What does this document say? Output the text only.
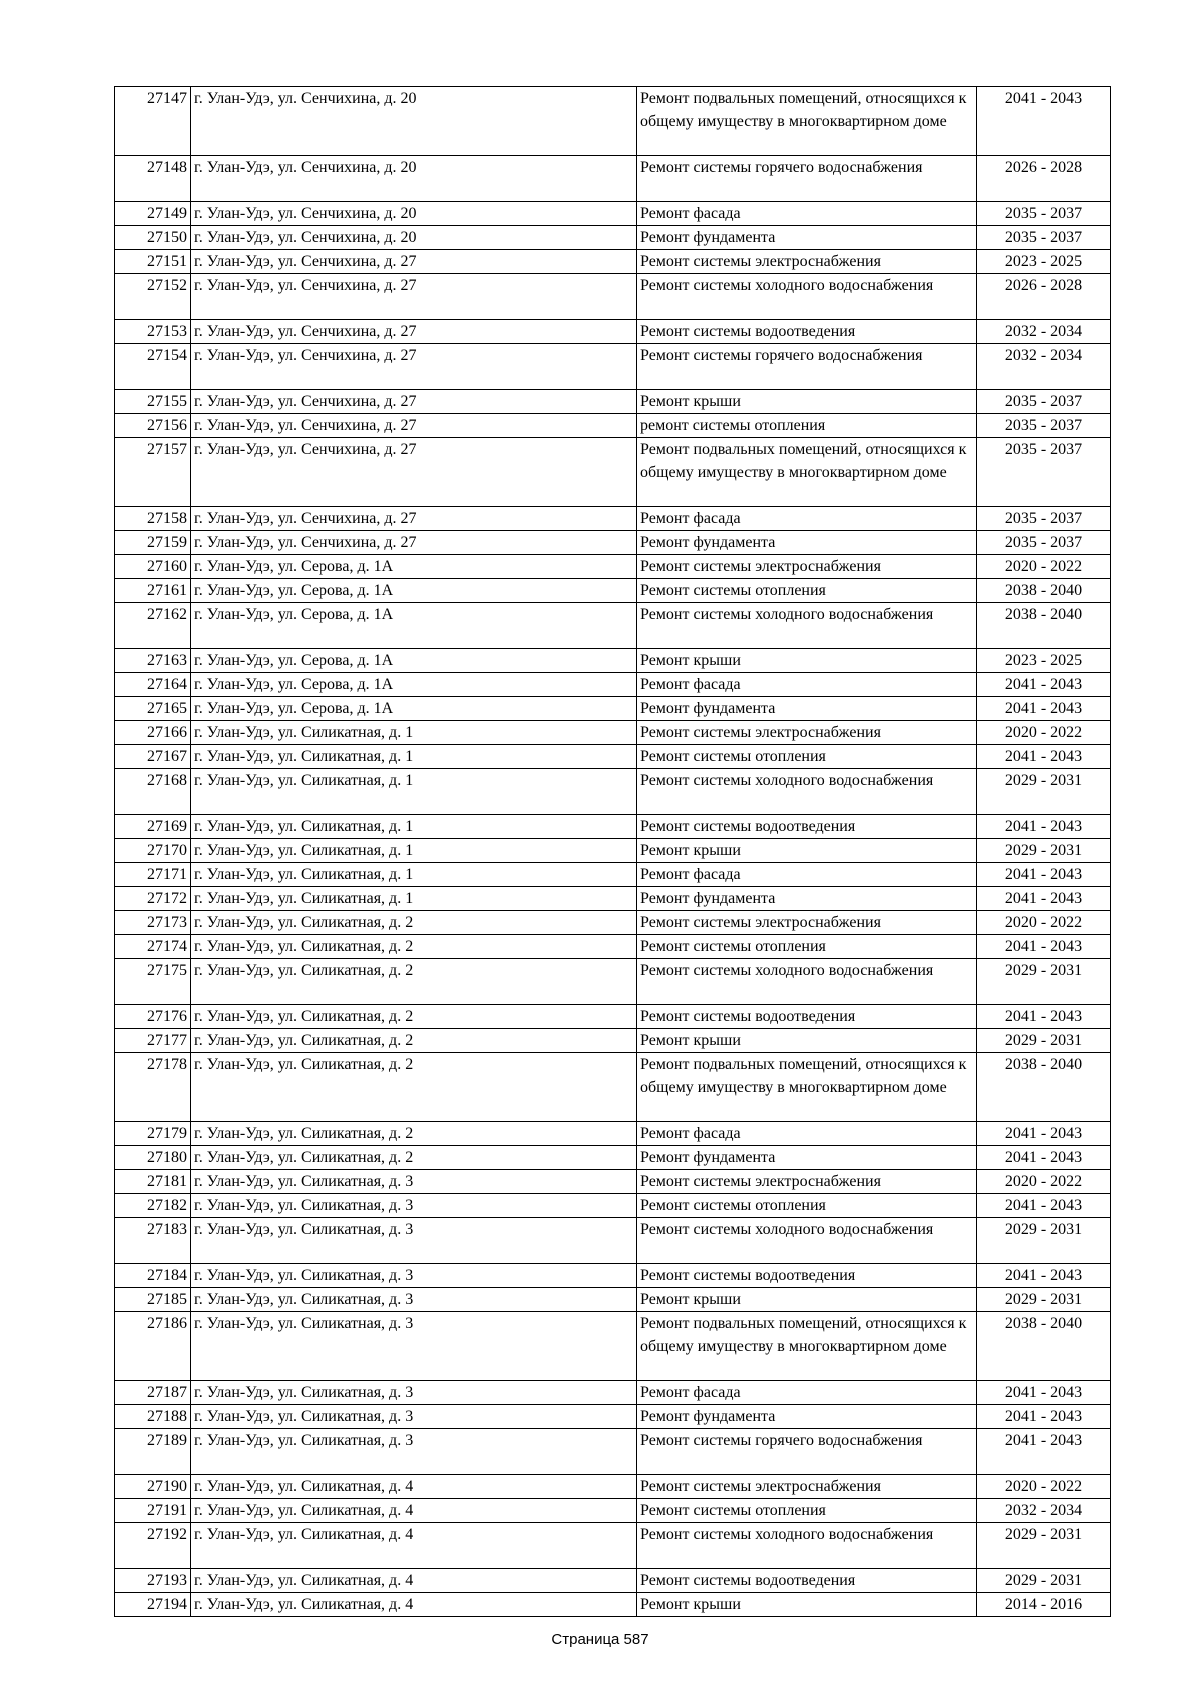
27147	г. Улан-Удэ, ул. Сенчихина, д. 20	Ремонт подвальных помещений, относящихся к общему имуществу в многоквартирном доме	2041 - 2043
27148	г. Улан-Удэ, ул. Сенчихина, д. 20	Ремонт системы горячего водоснабжения	2026 - 2028
27149	г. Улан-Удэ, ул. Сенчихина, д. 20	Ремонт фасада	2035 - 2037
27150	г. Улан-Удэ, ул. Сенчихина, д. 20	Ремонт фундамента	2035 - 2037
27151	г. Улан-Удэ, ул. Сенчихина, д. 27	Ремонт системы электроснабжения	2023 - 2025
27152	г. Улан-Удэ, ул. Сенчихина, д. 27	Ремонт системы холодного водоснабжения	2026 - 2028
27153	г. Улан-Удэ, ул. Сенчихина, д. 27	Ремонт системы водоотведения	2032 - 2034
27154	г. Улан-Удэ, ул. Сенчихина, д. 27	Ремонт системы горячего водоснабжения	2032 - 2034
27155	г. Улан-Удэ, ул. Сенчихина, д. 27	Ремонт крыши	2035 - 2037
27156	г. Улан-Удэ, ул. Сенчихина, д. 27	ремонт системы отопления	2035 - 2037
27157	г. Улан-Удэ, ул. Сенчихина, д. 27	Ремонт подвальных помещений, относящихся к общему имуществу в многоквартирном доме	2035 - 2037
27158	г. Улан-Удэ, ул. Сенчихина, д. 27	Ремонт фасада	2035 - 2037
27159	г. Улан-Удэ, ул. Сенчихина, д. 27	Ремонт фундамента	2035 - 2037
27160	г. Улан-Удэ, ул. Серова, д. 1А	Ремонт системы электроснабжения	2020 - 2022
27161	г. Улан-Удэ, ул. Серова, д. 1А	Ремонт системы отопления	2038 - 2040
27162	г. Улан-Удэ, ул. Серова, д. 1А	Ремонт системы холодного водоснабжения	2038 - 2040
27163	г. Улан-Удэ, ул. Серова, д. 1А	Ремонт крыши	2023 - 2025
27164	г. Улан-Удэ, ул. Серова, д. 1А	Ремонт фасада	2041 - 2043
27165	г. Улан-Удэ, ул. Серова, д. 1А	Ремонт фундамента	2041 - 2043
27166	г. Улан-Удэ, ул. Силикатная, д. 1	Ремонт системы электроснабжения	2020 - 2022
27167	г. Улан-Удэ, ул. Силикатная, д. 1	Ремонт системы отопления	2041 - 2043
27168	г. Улан-Удэ, ул. Силикатная, д. 1	Ремонт системы холодного водоснабжения	2029 - 2031
27169	г. Улан-Удэ, ул. Силикатная, д. 1	Ремонт системы водоотведения	2041 - 2043
27170	г. Улан-Удэ, ул. Силикатная, д. 1	Ремонт крыши	2029 - 2031
27171	г. Улан-Удэ, ул. Силикатная, д. 1	Ремонт фасада	2041 - 2043
27172	г. Улан-Удэ, ул. Силикатная, д. 1	Ремонт фундамента	2041 - 2043
27173	г. Улан-Удэ, ул. Силикатная, д. 2	Ремонт системы электроснабжения	2020 - 2022
27174	г. Улан-Удэ, ул. Силикатная, д. 2	Ремонт системы отопления	2041 - 2043
27175	г. Улан-Удэ, ул. Силикатная, д. 2	Ремонт системы холодного водоснабжения	2029 - 2031
27176	г. Улан-Удэ, ул. Силикатная, д. 2	Ремонт системы водоотведения	2041 - 2043
27177	г. Улан-Удэ, ул. Силикатная, д. 2	Ремонт крыши	2029 - 2031
27178	г. Улан-Удэ, ул. Силикатная, д. 2	Ремонт подвальных помещений, относящихся к общему имуществу в многоквартирном доме	2038 - 2040
27179	г. Улан-Удэ, ул. Силикатная, д. 2	Ремонт фасада	2041 - 2043
27180	г. Улан-Удэ, ул. Силикатная, д. 2	Ремонт фундамента	2041 - 2043
27181	г. Улан-Удэ, ул. Силикатная, д. 3	Ремонт системы электроснабжения	2020 - 2022
27182	г. Улан-Удэ, ул. Силикатная, д. 3	Ремонт системы отопления	2041 - 2043
27183	г. Улан-Удэ, ул. Силикатная, д. 3	Ремонт системы холодного водоснабжения	2029 - 2031
27184	г. Улан-Удэ, ул. Силикатная, д. 3	Ремонт системы водоотведения	2041 - 2043
27185	г. Улан-Удэ, ул. Силикатная, д. 3	Ремонт крыши	2029 - 2031
27186	г. Улан-Удэ, ул. Силикатная, д. 3	Ремонт подвальных помещений, относящихся к общему имуществу в многоквартирном доме	2038 - 2040
27187	г. Улан-Удэ, ул. Силикатная, д. 3	Ремонт фасада	2041 - 2043
27188	г. Улан-Удэ, ул. Силикатная, д. 3	Ремонт фундамента	2041 - 2043
27189	г. Улан-Удэ, ул. Силикатная, д. 3	Ремонт системы горячего водоснабжения	2041 - 2043
27190	г. Улан-Удэ, ул. Силикатная, д. 4	Ремонт системы электроснабжения	2020 - 2022
27191	г. Улан-Удэ, ул. Силикатная, д. 4	Ремонт системы отопления	2032 - 2034
27192	г. Улан-Удэ, ул. Силикатная, д. 4	Ремонт системы холодного водоснабжения	2029 - 2031
27193	г. Улан-Удэ, ул. Силикатная, д. 4	Ремонт системы водоотведения	2029 - 2031
27194	г. Улан-Удэ, ул. Силикатная, д. 4	Ремонт крыши	2014 - 2016
Страница 587
